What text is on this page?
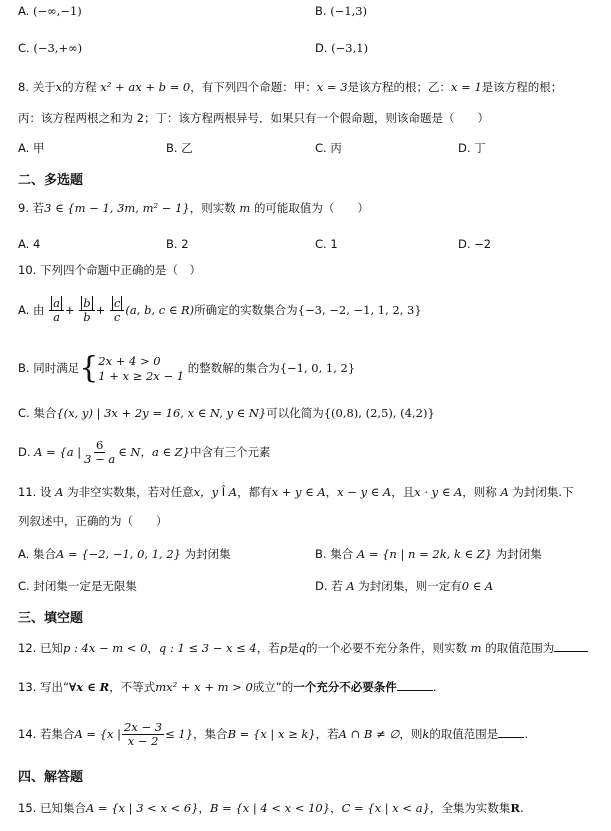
A. (−∞,−1)	B. (−1,3)
C. (−3,+∞)	D. (−3,1)
8. 关于x的方程 x² + ax + b = 0，有下列四个命题：甲：x = 3是该方程的根；乙：x = 1是该方程的根；
丙：该方程两根之和为 2；丁：该方程两根异号．如果只有一个假命题，则该命题是（　　）
A. 甲	B. 乙	C. 丙	D. 丁
二、多选题
9. 若3 ∈ {m − 1, 3m, m² − 1}，则实数 m 的可能取值为（　　）
A. 4	B. 2	C. 1	D. −2
10. 下列四个命题中正确的是（　）
A. 由 $\frac{a}{a} + \frac{b}{b} + \frac{c}{c} (a$, b, c ∈ R)所确定的实数集合为{−3, −2, −1, 1, 2, 3}
B. 同时满足{ 2x + 4 > 0
1 + x ≥ 2x − 1
的整数解的集合为{−1, 0, 1, 2}
C. 集合{(x, y) | 3x + 2y = 16, x ∈ N, y ∈ N}可以化简为{(0,8), (2,5), (4,2)}
D. A = {a | $\frac{6}{3 - a}$ ∈ N，a ∈ Z}中含有三个元素
11. 设 A 为非空实数集，若对任意x，y Î A，都有x + y ∈ A，x − y ∈ A，且x · y ∈ A，则称 A 为封闭集.下
列叙述中，正确的为（　　）
A. 集合A = {−2, −1, 0, 1, 2} 为封闭集	B. 集合 A = {n | n = 2k, k ∈ Z} 为封闭集
C. 封闭集一定是无限集	D. 若 A 为封闭集，则一定有0 ∈ A
三、填空题
12. 已知p : 4x − m < 0，q : 1 ≤ 3 − x ≤ 4，若p是q的一个必要不充分条件，则实数 m 的取值范围为
13. 写出“∀x ∈ R，不等式mx² + x + m > 0成立”的一个充分不必要条件	.
14. 若集合A = {x | $\frac{2x - 3}{x - 2} \le 1$}，集合B = {x | x ≥ k}，若A ∩ B ≠ ∅，则k的取值范围是 .
四、解答题
15. 已知集合A = {x | 3 < x < 6}，B = {x | 4 < x < 10}，C = {x | x < a}，全集为实数集R.
